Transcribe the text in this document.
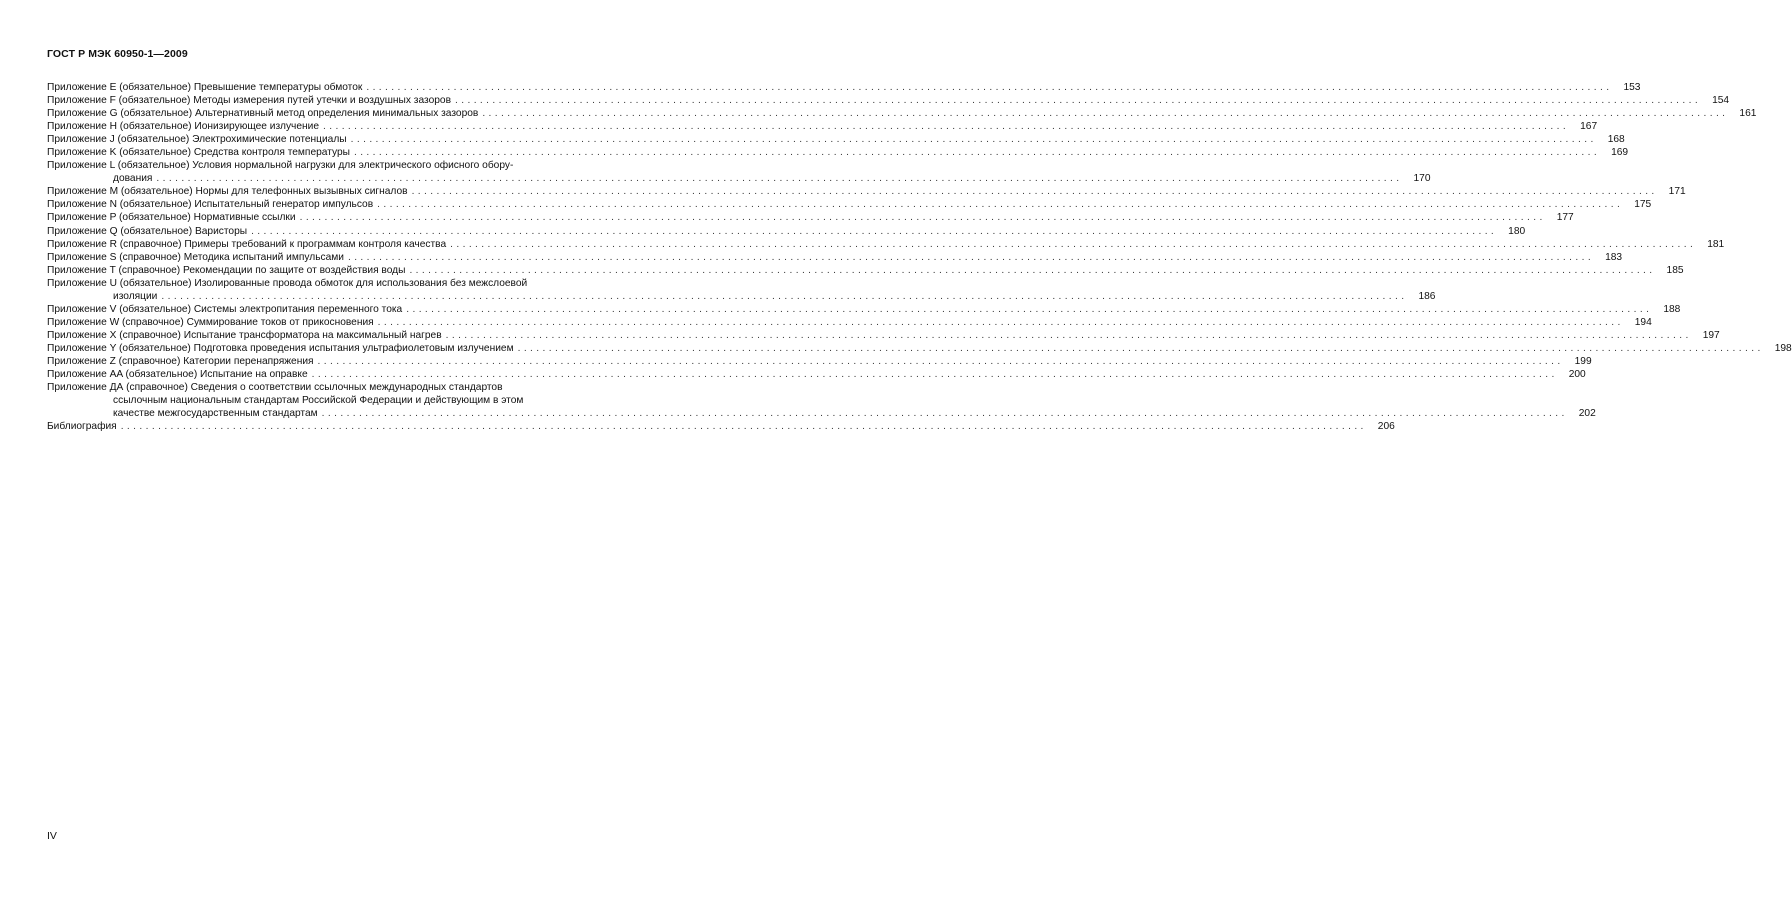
ГОСТ Р МЭК 60950-1—2009
Приложение E (обязательное) Превышение температуры обмоток ........................................................................................................................................................................................................	153
Приложение F (обязательное) Методы измерения путей утечки и воздушных зазоров ........................................................................................................................................................................................................	154
Приложение G (обязательное) Альтернативный метод определения минимальных зазоров ........................................................................................................................................................................................................	161
Приложение H (обязательное) Ионизирующее излучение ........................................................................................................................................................................................................	167
Приложение J (обязательное) Электрохимические потенциалы ........................................................................................................................................................................................................	168
Приложение K (обязательное) Средства контроля температуры ........................................................................................................................................................................................................	169
Приложение L (обязательное) Условия нормальной нагрузки для электрического офисного обору-
дования ........................................................................................................................................................................................................	170
Приложение M (обязательное) Нормы для телефонных вызывных сигналов ........................................................................................................................................................................................................	171
Приложение N (обязательное) Испытательный генератор импульсов ........................................................................................................................................................................................................	175
Приложение P (обязательное) Нормативные ссылки ........................................................................................................................................................................................................	177
Приложение Q (обязательное) Варисторы ........................................................................................................................................................................................................	180
Приложение R (справочное) Примеры требований к программам контроля качества ........................................................................................................................................................................................................	181
Приложение S (справочное) Методика испытаний импульсами ........................................................................................................................................................................................................	183
Приложение T (справочное) Рекомендации по защите от воздействия воды ........................................................................................................................................................................................................	185
Приложение U (обязательное) Изолированные провода обмоток для использования без межслоевой
изоляции ........................................................................................................................................................................................................	186
Приложение V (обязательное) Системы электропитания переменного тока ........................................................................................................................................................................................................	188
Приложение W (справочное) Суммирование токов от прикосновения ........................................................................................................................................................................................................	194
Приложение X (справочное) Испытание трансформатора на максимальный нагрев ........................................................................................................................................................................................................	197
Приложение Y (обязательное) Подготовка проведения испытания ультрафиолетовым излучением ........................................................................................................................................................................................................	198
Приложение Z (справочное) Категории перенапряжения ........................................................................................................................................................................................................	199
Приложение AA (обязательное) Испытание на оправке ........................................................................................................................................................................................................	200
Приложение ДА (справочное) Сведения о соответствии ссылочных международных стандартов
ссылочным национальным стандартам Российской Федерации и действующим в этом
качестве межгосударственным стандартам ........................................................................................................................................................................................................	202
Библиография ........................................................................................................................................................................................................	206
IV
